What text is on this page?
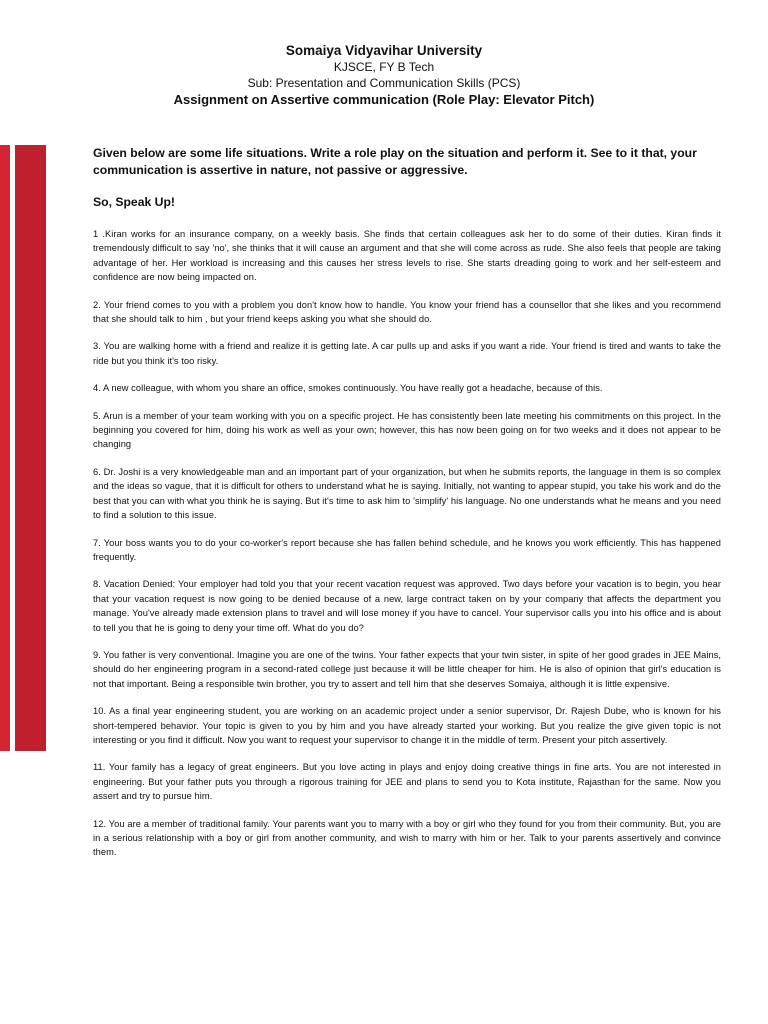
Somaiya Vidyavihar University
KJSCE, FY B Tech
Sub: Presentation and Communication Skills (PCS)
Assignment on Assertive communication (Role Play: Elevator Pitch)

Given below are some life situations. Write a role play on the situation and perform it. See to it that, your communication is assertive in nature, not passive or aggressive.

So, Speak Up!

1 .Kiran works for an insurance company, on a weekly basis. She finds that certain colleagues ask her to do some of their duties. Kiran finds it tremendously difficult to say 'no', she thinks that it will cause an argument and that she will come across as rude. She also feels that people are taking advantage of her. Her workload is increasing and this causes her stress levels to rise. She starts dreading going to work and her self-esteem and confidence are now being impacted on.

2. Your friend comes to you with a problem you don't know how to handle. You know your friend has a counsellor that she likes and you recommend that she should talk to him , but your friend keeps asking you what she should do.

3. You are walking home with a friend and realize it is getting late. A car pulls up and asks if you want a ride. Your friend is tired and wants to take the ride but you think it's too risky.

4. A new colleague, with whom you share an office, smokes continuously. You have really got a headache, because of this.

5. Arun is a member of your team working with you on a specific project. He has consistently been late meeting his commitments on this project. In the beginning you covered for him, doing his work as well as your own; however, this has now been going on for two weeks and it does not appear to be changing

6. Dr. Joshi is a very knowledgeable man and an important part of your organization, but when he submits reports, the language in them is so complex and the ideas so vague, that it is difficult for others to understand what he is saying. Initially, not wanting to appear stupid, you take his work and do the best that you can with what you think he is saying. But it's time to ask him to 'simplify' his language. No one understands what he means and you need to find a solution to this issue.

7. Your boss wants you to do your co-worker's report because she has fallen behind schedule, and he knows you work efficiently. This has happened frequently.

8. Vacation Denied: Your employer had told you that your recent vacation request was approved. Two days before your vacation is to begin, you hear that your vacation request is now going to be denied because of a new, large contract taken on by your company that affects the department you manage. You've already made extension plans to travel and will lose money if you have to cancel. Your supervisor calls you into his office and is about to tell you that he is going to deny your time off. What do you do?

9. You father is very conventional. Imagine you are one of the twins. Your father expects that your twin sister, in spite of her good grades in JEE Mains, should do her engineering program in a second-rated college just because it will be little cheaper for him. He is also of opinion that girl's education is not that important. Being a responsible twin brother, you try to assert and tell him that she deserves Somaiya, although it is little expensive.

10. As a final year engineering student, you are working on an academic project under a senior supervisor, Dr. Rajesh Dube, who is known for his short-tempered behavior. Your topic is given to you by him and you have already started your working. But you realize the give given topic is not interesting or you find it difficult. Now you want to request your supervisor to change it in the middle of term. Present your pitch assertively.

11. Your family has a legacy of great engineers. But you love acting in plays and enjoy doing creative things in fine arts. You are not interested in engineering. But your father puts you through a rigorous training for JEE and plans to send you to Kota institute, Rajasthan for the same. Now you assert and try to pursue him.

12. You are a member of traditional family. Your parents want you to marry with a boy or girl who they found for you from their community. But, you are in a serious relationship with a boy or girl from another community, and wish to marry with him or her. Talk to your parents assertively and convince them.
